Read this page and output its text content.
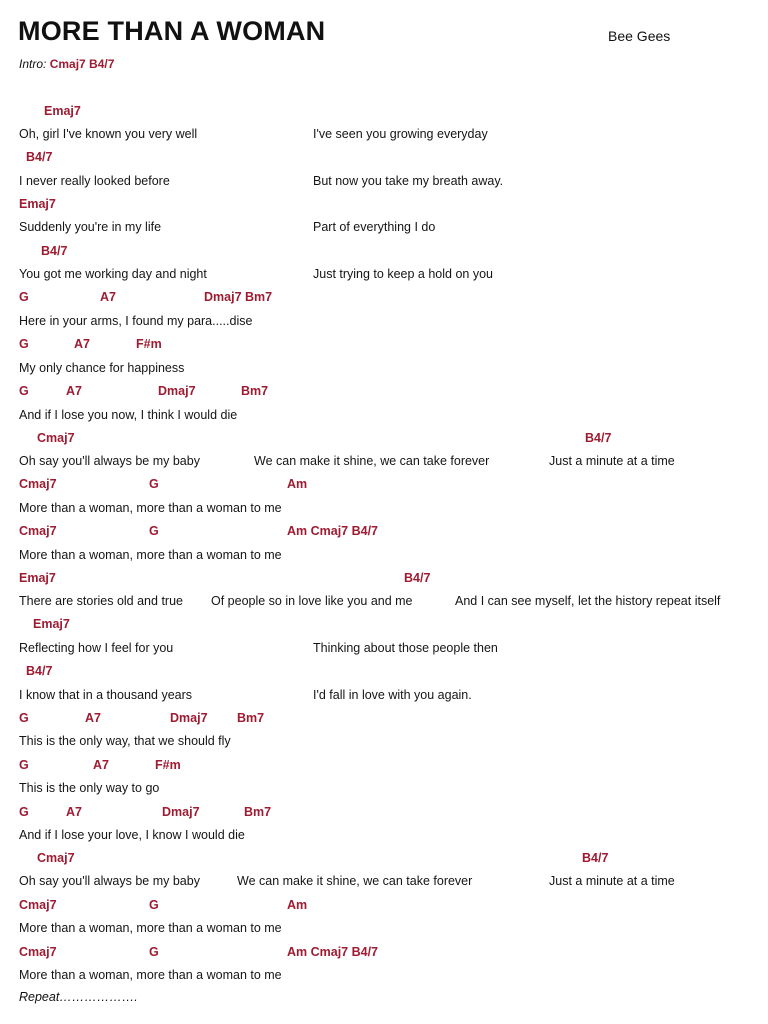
MORE THAN A WOMAN	Bee Gees
Intro: Cmaj7 B4/7
Emaj7
Oh, girl I've known you very well	I've seen you growing everyday
B4/7
I never really looked before	But now you take my breath away.
Emaj7
Suddenly you're in my life	Part of everything I do
B4/7
You got me working day and night	Just trying to keep a hold on you
G	A7	Dmaj7 Bm7
Here in your arms, I found my para.....dise
G	A7	F#m
My only chance for happiness
G	A7	Dmaj7	Bm7
And if I lose you now, I think I would die
Cmaj7	B4/7
Oh say you'll always be my baby	We can make it shine, we can take forever	Just a minute at a time
Cmaj7	G	Am
More than a woman, more than a woman to me
Cmaj7	G	Am Cmaj7 B4/7
More than a woman, more than a woman to me
Emaj7	B4/7
There are stories old and true Of people so in love like you and me	And I can see myself, let the history repeat itself
Emaj7
Reflecting how I feel for you	Thinking about those people then
B4/7
I know that in a thousand years	I'd fall in love with you again.
G	A7	Dmaj7 Bm7
This is the only way, that we should fly
G	A7	F#m
This is the only way to go
G	A7	Dmaj7	Bm7
And if I lose your love, I know I would die
Cmaj7	B4/7
Oh say you'll always be my baby	We can make it shine, we can take forever	Just a minute at a time
Cmaj7	G	Am
More than a woman, more than a woman to me
Cmaj7	G	Am Cmaj7 B4/7
More than a woman, more than a woman to me
Repeat……………….
